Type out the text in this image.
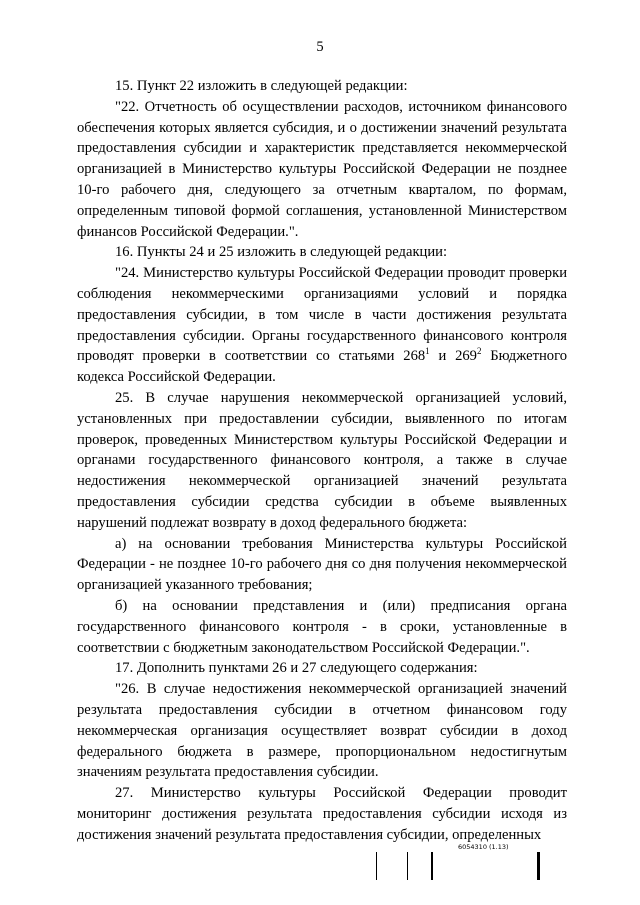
5

15. Пункт 22 изложить в следующей редакции:

"22. Отчетность об осуществлении расходов, источником финансового обеспечения которых является субсидия, и о достижении значений результата предоставления субсидии и характеристик представляется некоммерческой организацией в Министерство культуры Российской Федерации не позднее 10-го рабочего дня, следующего за отчетным кварталом, по формам, определенным типовой формой соглашения, установленной Министерством финансов Российской Федерации.".

16. Пункты 24 и 25 изложить в следующей редакции:

"24. Министерство культуры Российской Федерации проводит проверки соблюдения некоммерческими организациями условий и порядка предоставления субсидии, в том числе в части достижения результата предоставления субсидии. Органы государственного финансового контроля проводят проверки в соответствии со статьями $268^1$ и $269^2$ Бюджетного кодекса Российской Федерации.

25. В случае нарушения некоммерческой организацией условий, установленных при предоставлении субсидии, выявленного по итогам проверок, проведенных Министерством культуры Российской Федерации и органами государственного финансового контроля, а также в случае недостижения некоммерческой организацией значений результата предоставления субсидии средства субсидии в объеме выявленных нарушений подлежат возврату в доход федерального бюджета:

а) на основании требования Министерства культуры Российской Федерации - не позднее 10-го рабочего дня со дня получения некоммерческой организацией указанного требования;

б) на основании представления и (или) предписания органа государственного финансового контроля - в сроки, установленные в соответствии с бюджетным законодательством Российской Федерации.".

17. Дополнить пунктами 26 и 27 следующего содержания:

"26. В случае недостижения некоммерческой организацией значений результата предоставления субсидии в отчетном финансовом году некоммерческая организация осуществляет возврат субсидии в доход федерального бюджета в размере, пропорциональном недостигнутым значениям результата предоставления субсидии.

27. Министерство культуры Российской Федерации проводит мониторинг достижения результата предоставления субсидии исходя из достижения значений результата предоставления субсидии, определенных

6054310 (1.13)
